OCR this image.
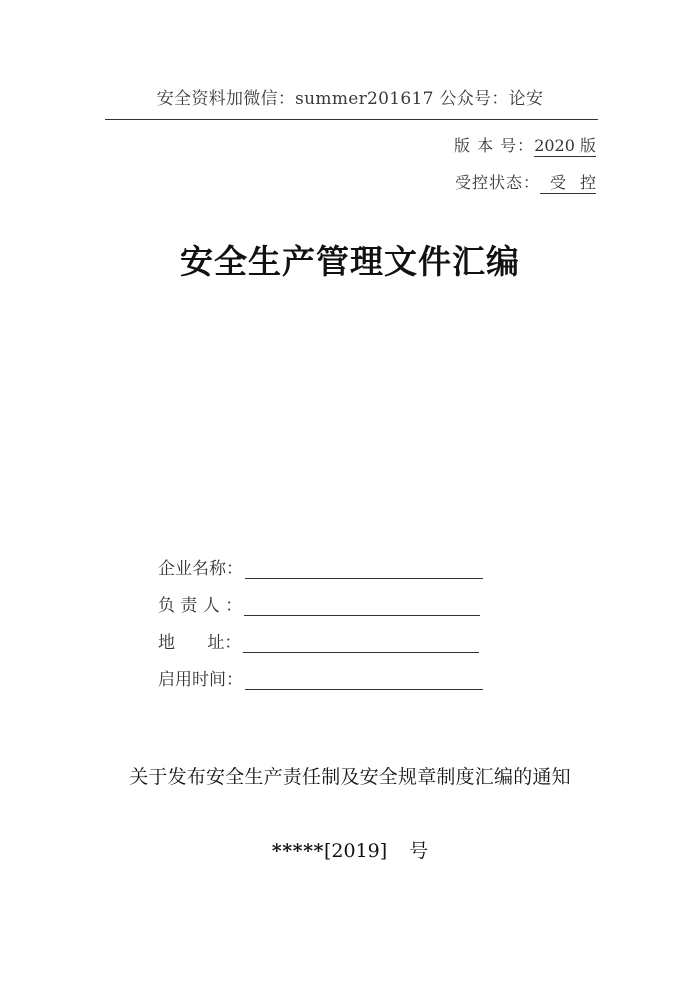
安全资料加微信：summer201617 公众号：论安
版 本 号：2020 版
受控状态： 受控
安全生产管理文件汇编
企业名称：
负 责 人 ：
地      址：
启用时间：
关于发布安全生产责任制及安全规章制度汇编的通知
*****[2019] 号
